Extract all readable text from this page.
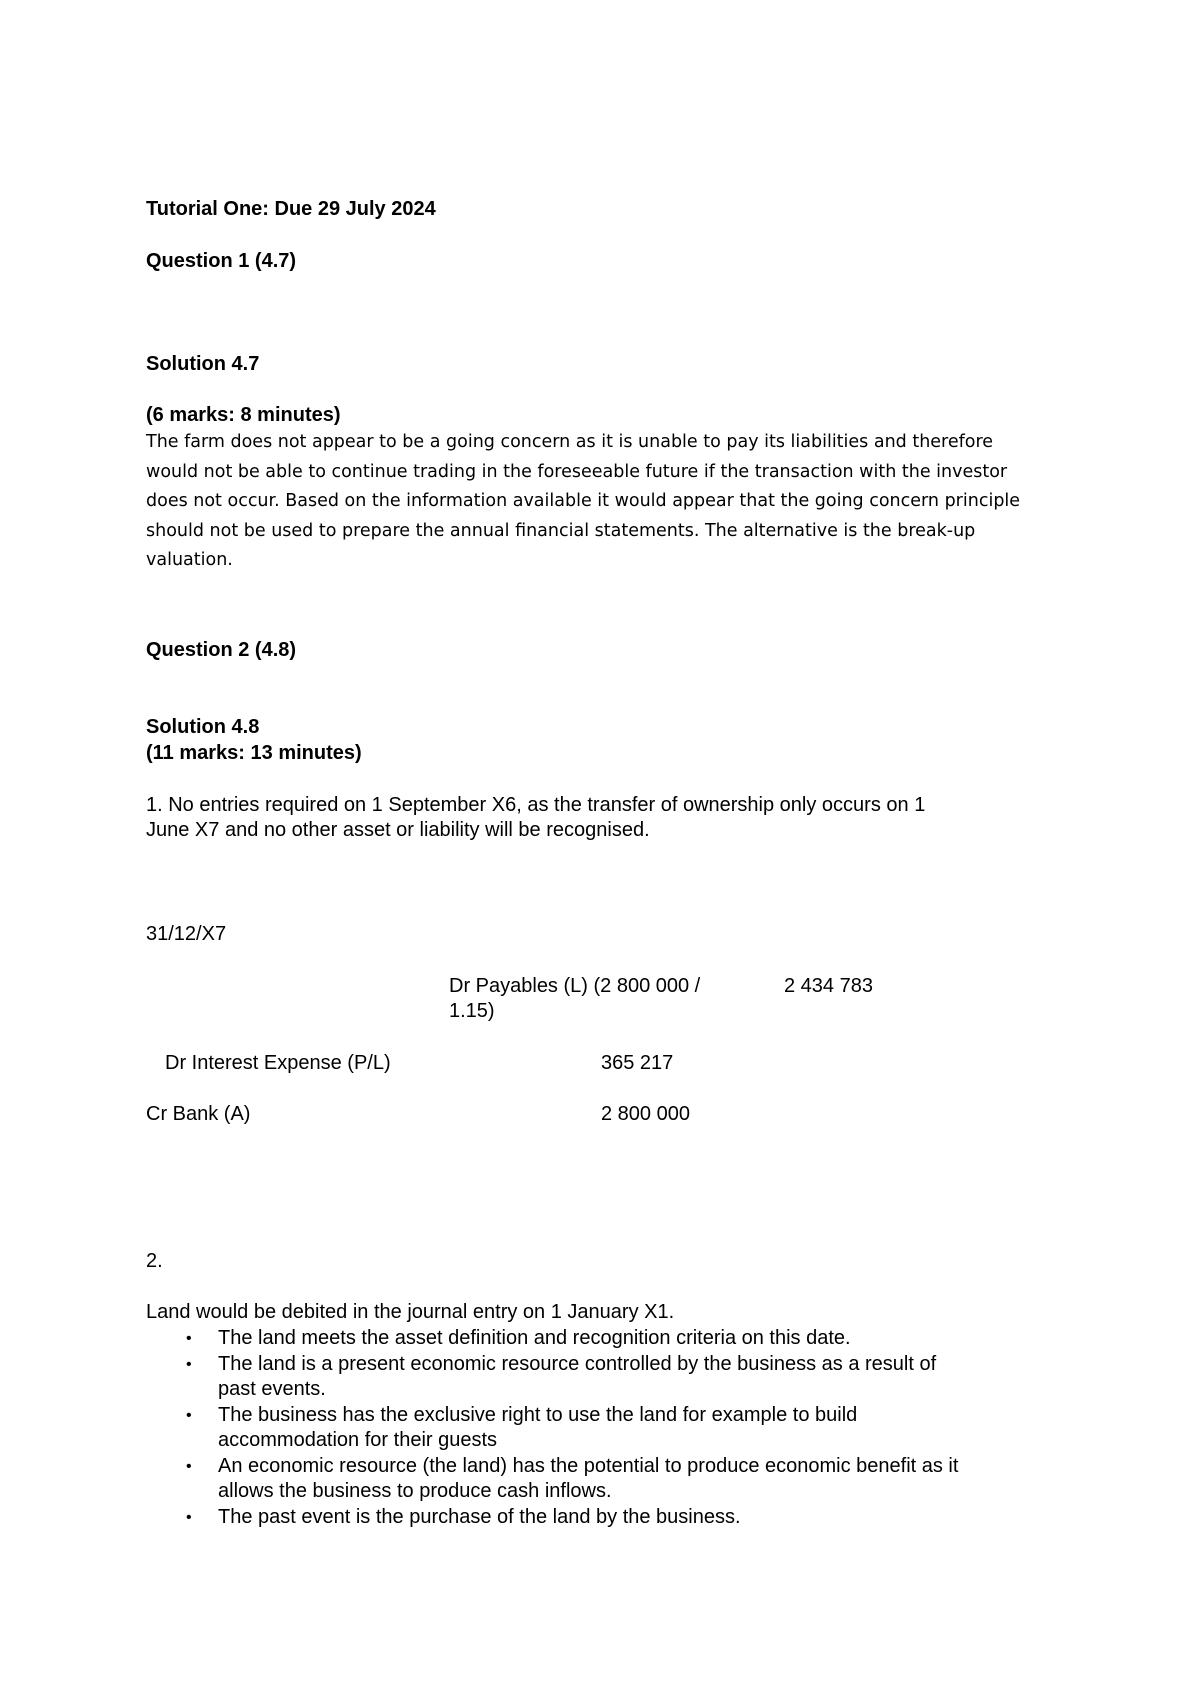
Tutorial One: Due 29 July 2024
Question 1 (4.7)
Solution 4.7
(6 marks: 8 minutes)
The farm does not appear to be a going concern as it is unable to pay its liabilities and therefore
would not be able to continue trading in the foreseeable future if the transaction with the investor
does not occur. Based on the information available it would appear that the going concern principle
should not be used to prepare the annual financial statements. The alternative is the break-up
valuation.
Question 2 (4.8)
Solution 4.8
(11 marks: 13 minutes)
1. No entries required on 1 September X6, as the transfer of ownership only occurs on 1
June X7 and no other asset or liability will be recognised.
31/12/X7
Dr Payables (L) (2 800 000 /
1.15)
2 434 783
Dr Interest Expense (P/L)	365 217
Cr Bank (A)	2 800 000
2.
Land would be debited in the journal entry on 1 January X1.
• The land meets the asset definition and recognition criteria on this date.
• The land is a present economic resource controlled by the business as a result of
past events.
• The business has the exclusive right to use the land for example to build
accommodation for their guests
• An economic resource (the land) has the potential to produce economic benefit as it
allows the business to produce cash inflows.
• The past event is the purchase of the land by the business.
